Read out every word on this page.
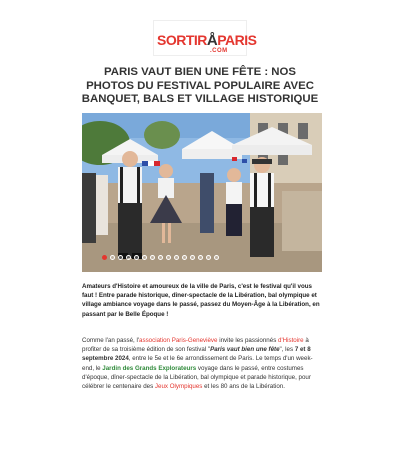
SORTIRÅPARIS
.COM
PARIS VAUT BIEN UNE FÊTE : NOS PHOTOS DU FESTIVAL POPULAIRE AVEC BANQUET, BALS ET VILLAGE HISTORIQUE

Amateurs d'Histoire et amoureux de la ville de Paris, c'est le festival qu'il vous faut ! Entre parade historique, dîner-spectacle de la Libération, bal olympique et village ambiance voyage dans le passé, passez du Moyen-Âge à la Libération, en passant par le Belle Époque !

Comme l'an passé, l'association Paris-Geneviève invite les passionnés d'Histoire à profiter de sa troisième édition de son festival "Paris vaut bien une fête", les 7 et 8 septembre 2024, entre le 5e et le 6e arrondissement de Paris. Le temps d'un week-end, le Jardin des Grands Explorateurs voyage dans le passé, entre costumes d'époque, dîner-spectacle de la Libération, bal olympique et parade historique, pour célébrer le centenaire des Jeux Olympiques et les 80 ans de la Libération.
